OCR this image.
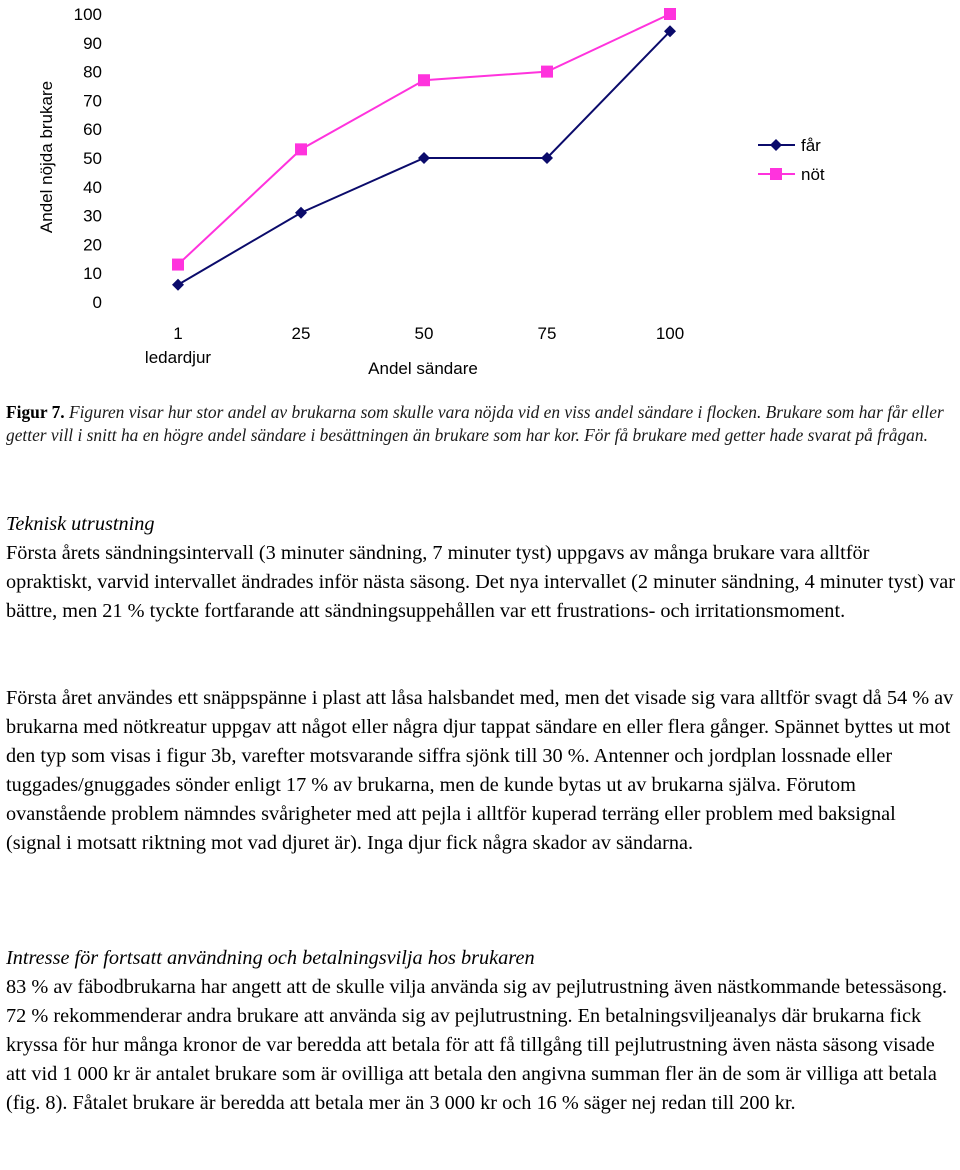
Andel nöjda brukare
0
10
20
30
40
50
60
70
80
90
100
1 ledardjur
25	50	75	100
Andel sändare
får
nöt
Figur 7. Figuren visar hur stor andel av brukarna som skulle vara nöjda vid en viss andel sändare i flocken. Brukare som har får eller getter vill i snitt ha en högre andel sändare i besättningen än brukare som har kor. För få brukare med getter hade svarat på frågan.

Teknisk utrustning

Första årets sändningsintervall (3 minuter sändning, 7 minuter tyst) uppgavs av många brukare vara alltför opraktiskt, varvid intervallet ändrades inför nästa säsong. Det nya intervallet (2 minuter sändning, 4 minuter tyst) var bättre, men 21 % tyckte fortfarande att sändningsuppehållen var ett frustrations- och irritationsmoment.

Första året användes ett snäppspänne i plast att låsa halsbandet med, men det visade sig vara alltför svagt då 54 % av brukarna med nötkreatur uppgav att något eller några djur tappat sändare en eller flera gånger. Spännet byttes ut mot den typ som visas i figur 3b, varefter motsvarande siffra sjönk till 30 %. Antenner och jordplan lossnade eller tuggades/gnuggades sönder enligt 17 % av brukarna, men de kunde bytas ut av brukarna själva. Förutom ovanstående problem nämndes svårigheter med att pejla i alltför kuperad terräng eller problem med baksignal (signal i motsatt riktning mot vad djuret är). Inga djur fick några skador av sändarna.

Intresse för fortsatt användning och betalningsvilja hos brukaren

83 % av fäbodbrukarna har angett att de skulle vilja använda sig av pejlutrustning även nästkommande betessäsong. 72 % rekommenderar andra brukare att använda sig av pejlutrustning. En betalningsviljeanalys där brukarna fick kryssa för hur många kronor de var beredda att betala för att få tillgång till pejlutrustning även nästa säsong visade att vid 1 000 kr är antalet brukare som är ovilliga att betala den angivna summan fler än de som är villiga att betala (fig. 8). Fåtalet brukare är beredda att betala mer än 3 000 kr och 16 % säger nej redan till 200 kr.
